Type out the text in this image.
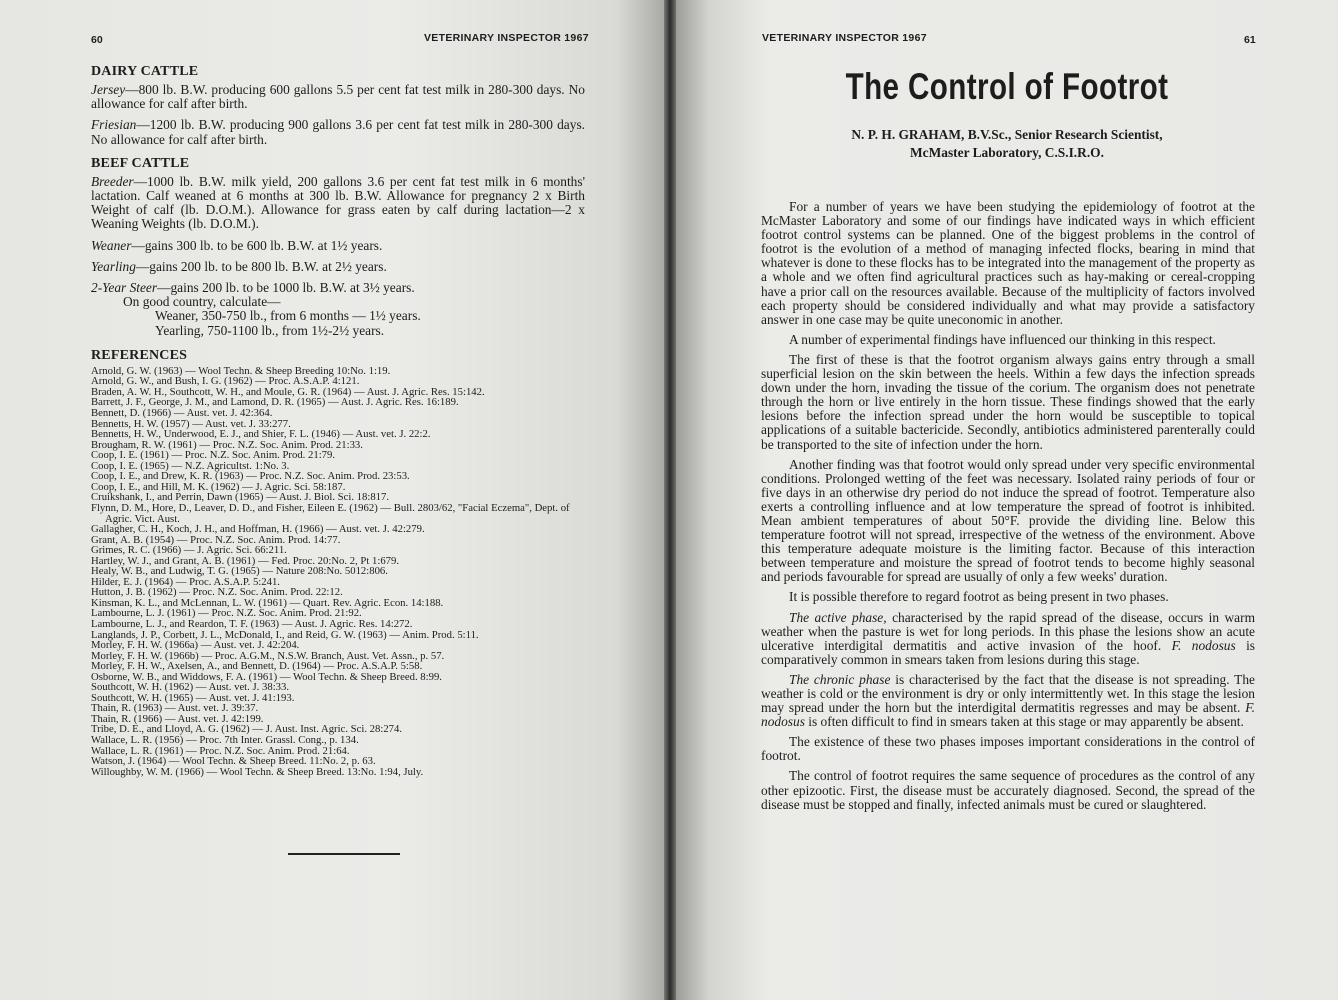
60	VETERINARY INSPECTOR 1967
DAIRY CATTLE
Jersey—800 lb. B.W. producing 600 gallons 5.5 per cent fat test milk in 280-300 days. No allowance for calf after birth.
Friesian—1200 lb. B.W. producing 900 gallons 3.6 per cent fat test milk in 280-300 days. No allowance for calf after birth.
BEEF CATTLE
Breeder—1000 lb. B.W. milk yield, 200 gallons 3.6 per cent fat test milk in 6 months' lactation. Calf weaned at 6 months at 300 lb. B.W. Allowance for pregnancy 2 x Birth Weight of calf (lb. D.O.M.). Allowance for grass eaten by calf during lactation—2 x Weaning Weights (lb. D.O.M.).
Weaner—gains 300 lb. to be 600 lb. B.W. at 1½ years.
Yearling—gains 200 lb. to be 800 lb. B.W. at 2½ years.
2-Year Steer—gains 200 lb. to be 1000 lb. B.W. at 3½ years.
On good country, calculate—
Weaner, 350-750 lb., from 6 months — 1½ years.
Yearling, 750-1100 lb., from 1½-2½ years.
REFERENCES
Arnold, G. W. (1963) — Wool Techn. & Sheep Breeding 10:No. 1:19.
Arnold, G. W., and Bush, I. G. (1962) — Proc. A.S.A.P. 4:121.
Braden, A. W. H., Southcott, W. H., and Moule, G. R. (1964) — Aust. J. Agric. Res. 15:142.
Barrett, J. F., George, J. M., and Lamond, D. R. (1965) — Aust. J. Agric. Res. 16:189.
Bennett, D. (1966) — Aust. vet. J. 42:364.
Bennetts, H. W. (1957) — Aust. vet. J. 33:277.
Bennetts, H. W., Underwood, E. J., and Shier, F. L. (1946) — Aust. vet. J. 22:2.
Brougham, R. W. (1961) — Proc. N.Z. Soc. Anim. Prod. 21:33.
Coop, I. E. (1961) — Proc. N.Z. Soc. Anim. Prod. 21:79.
Coop, I. E. (1965) — N.Z. Agricultst. 1:No. 3.
Coop, I. E., and Drew, K. R. (1963) — Proc. N.Z. Soc. Anim. Prod. 23:53.
Coop, I. E., and Hill, M. K. (1962) — J. Agric. Sci. 58:187.
Cruikshank, I., and Perrin, Dawn (1965) — Aust. J. Biol. Sci. 18:817.
Flynn, D. M., Hore, D., Leaver, D. D., and Fisher, Eileen E. (1962) — Bull. 2803/62, "Facial Eczema", Dept. of Agric. Vict. Aust.
Gallagher, C. H., Koch, J. H., and Hoffman, H. (1966) — Aust. vet. J. 42:279.
Grant, A. B. (1954) — Proc. N.Z. Soc. Anim. Prod. 14:77.
Grimes, R. C. (1966) — J. Agric. Sci. 66:211.
Hartley, W. J., and Grant, A. B. (1961) — Fed. Proc. 20:No. 2, Pt 1:679.
Healy, W. B., and Ludwig, T. G. (1965) — Nature 208:No. 5012:806.
Hilder, E. J. (1964) — Proc. A.S.A.P. 5:241.
Hutton, J. B. (1962) — Proc. N.Z. Soc. Anim. Prod. 22:12.
Kinsman, K. L., and McLennan, L. W. (1961) — Quart. Rev. Agric. Econ. 14:188.
Lambourne, L. J. (1961) — Proc. N.Z. Soc. Anim. Prod. 21:92.
Lambourne, L. J., and Reardon, T. F. (1963) — Aust. J. Agric. Res. 14:272.
Langlands, J. P., Corbett, J. L., McDonald, I., and Reid, G. W. (1963) — Anim. Prod. 5:11.
Morley, F. H. W. (1966a) — Aust. vet. J. 42:204.
Morley, F. H. W. (1966b) — Proc. A.G.M., N.S.W. Branch, Aust. Vet. Assn., p. 57.
Morley, F. H. W., Axelsen, A., and Bennett, D. (1964) — Proc. A.S.A.P. 5:58.
Osborne, W. B., and Widdows, F. A. (1961) — Wool Techn. & Sheep Breed. 8:99.
Southcott, W. H. (1962) — Aust. vet. J. 38:33.
Southcott, W. H. (1965) — Aust. vet. J. 41:193.
Thain, R. (1963) — Aust. vet. J. 39:37.
Thain, R. (1966) — Aust. vet. J. 42:199.
Tribe, D. E., and Lloyd, A. G. (1962) — J. Aust. Inst. Agric. Sci. 28:274.
Wallace, L. R. (1956) — Proc. 7th Inter. Grassl. Cong., p. 134.
Wallace, L. R. (1961) — Proc. N.Z. Soc. Anim. Prod. 21:64.
Watson, J. (1964) — Wool Techn. & Sheep Breed. 11:No. 2, p. 63.
Willoughby, W. M. (1966) — Wool Techn. & Sheep Breed. 13:No. 1:94, July.
VETERINARY INSPECTOR 1967	61
The Control of Footrot
N. P. H. GRAHAM, B.V.Sc., Senior Research Scientist,
McMaster Laboratory, C.S.I.R.O.
For a number of years we have been studying the epidemiology of footrot at the McMaster Laboratory and some of our findings have indicated ways in which efficient footrot control systems can be planned. One of the biggest problems in the control of footrot is the evolution of a method of managing infected flocks, bearing in mind that whatever is done to these flocks has to be integrated into the management of the property as a whole and we often find agricultural practices such as hay-making or cereal-cropping have a prior call on the resources available. Because of the multiplicity of factors involved each property should be considered individually and what may provide a satisfactory answer in one case may be quite uneconomic in another.
A number of experimental findings have influenced our thinking in this respect.
The first of these is that the footrot organism always gains entry through a small superficial lesion on the skin between the heels. Within a few days the infection spreads down under the horn, invading the tissue of the corium. The organism does not penetrate through the horn or live entirely in the horn tissue. These findings showed that the early lesions before the infection spread under the horn would be susceptible to topical applications of a suitable bactericide. Secondly, antibiotics administered parenterally could be transported to the site of infection under the horn.
Another finding was that footrot would only spread under very specific environmental conditions. Prolonged wetting of the feet was necessary. Isolated rainy periods of four or five days in an otherwise dry period do not induce the spread of footrot. Temperature also exerts a controlling influence and at low temperature the spread of footrot is inhibited. Mean ambient temperatures of about 50°F. provide the dividing line. Below this temperature footrot will not spread, irrespective of the wetness of the environment. Above this temperature adequate moisture is the limiting factor. Because of this interaction between temperature and moisture the spread of footrot tends to become highly seasonal and periods favourable for spread are usually of only a few weeks' duration.
It is possible therefore to regard footrot as being present in two phases.
The active phase, characterised by the rapid spread of the disease, occurs in warm weather when the pasture is wet for long periods. In this phase the lesions show an acute ulcerative interdigital dermatitis and active invasion of the hoof. F. nodosus is comparatively common in smears taken from lesions during this stage.
The chronic phase is characterised by the fact that the disease is not spreading. The weather is cold or the environment is dry or only intermittently wet. In this stage the lesion may spread under the horn but the interdigital dermatitis regresses and may be absent. F. nodosus is often difficult to find in smears taken at this stage or may apparently be absent.
The existence of these two phases imposes important considerations in the control of footrot.
The control of footrot requires the same sequence of procedures as the control of any other epizootic. First, the disease must be accurately diagnosed. Second, the spread of the disease must be stopped and finally, infected animals must be cured or slaughtered.
